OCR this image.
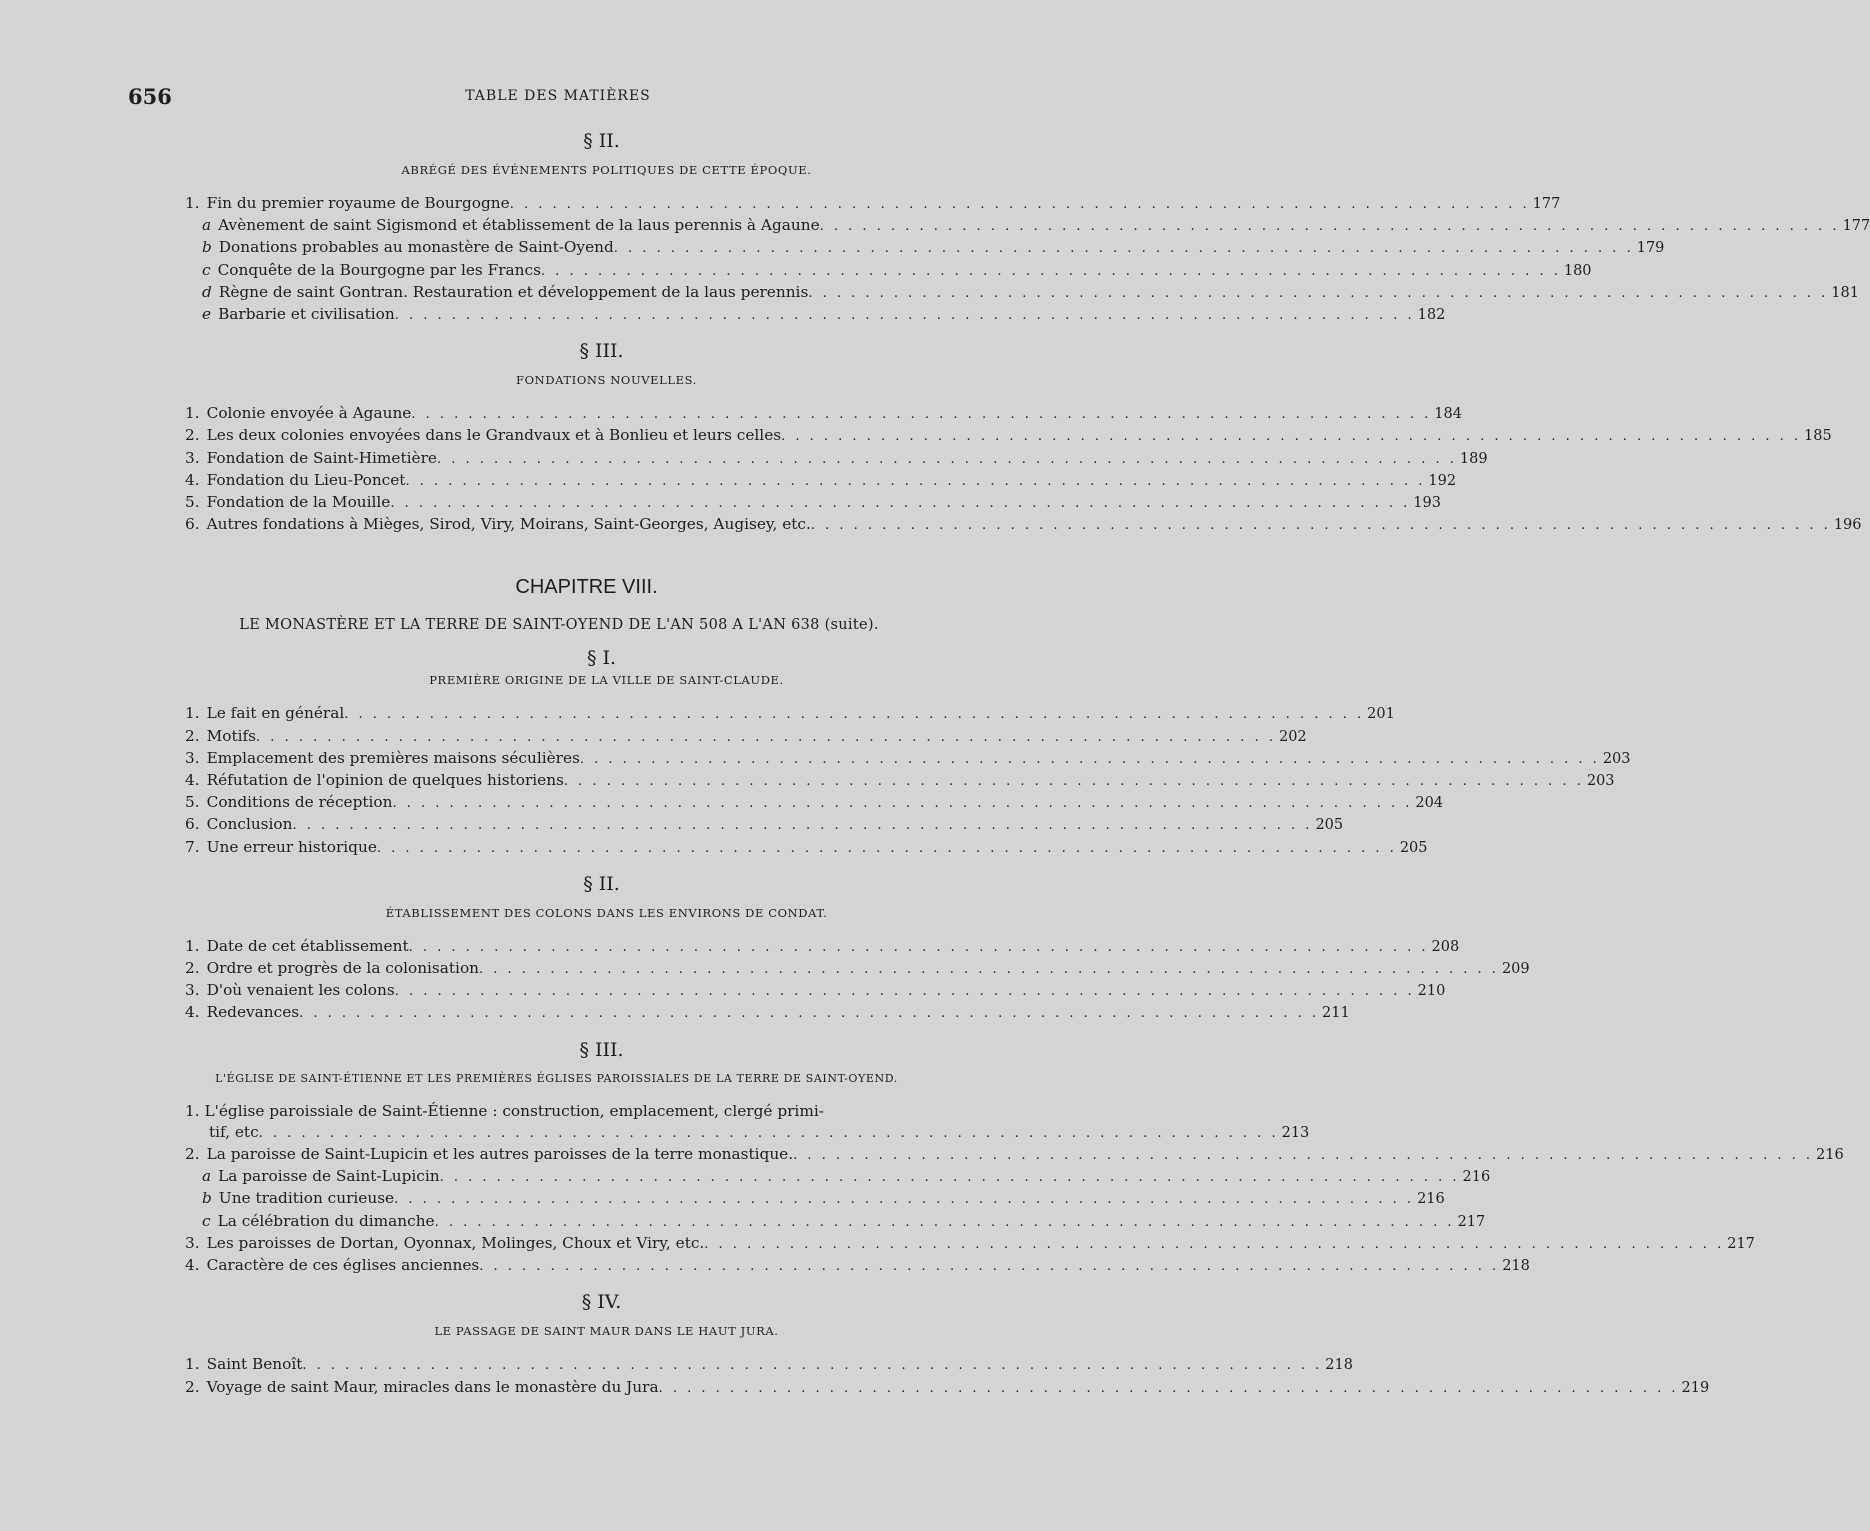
656	TABLE DES MATIÈRES
§ II.
ABRÉGÉ DES ÉVÉNEMENTS POLITIQUES DE CETTE ÉPOQUE.
1. Fin du premier royaume de Bourgogne . . .	177
a Avènement de saint Sigismond et établissement de la laus perennis à Agaune . . .	177
b Donations probables au monastère de Saint-Oyend . . .	179
c Conquête de la Bourgogne par les Francs . . .	180
d Règne de saint Gontran. Restauration et développement de la laus perennis . . .	181
e Barbarie et civilisation . . .	182
§ III.
FONDATIONS NOUVELLES.
1. Colonie envoyée à Agaune . . .	184
2. Les deux colonies envoyées dans le Grandvaux et à Bonlieu et leurs celles . . .	185
3. Fondation de Saint-Himetière . . .	189
4. Fondation du Lieu-Poncet . . .	192
5. Fondation de la Mouille . . .	193
6. Autres fondations à Mièges, Sirod, Viry, Moirans, Saint-Georges, Augisey, etc. . . .	196
CHAPITRE VIII.
LE MONASTÈRE ET LA TERRE DE SAINT-OYEND DE L'AN 508 A L'AN 638 (suite).
§ I.
PREMIÈRE ORIGINE DE LA VILLE DE SAINT-CLAUDE.
1. Le fait en général . . .	201
2. Motifs . . .	202
3. Emplacement des premières maisons séculières . . .	203
4. Réfutation de l'opinion de quelques historiens . . .	203
5. Conditions de réception . . .	204
6. Conclusion . . .	205
7. Une erreur historique . . .	205
§ II.
ÉTABLISSEMENT DES COLONS DANS LES ENVIRONS DE CONDAT.
1. Date de cet établissement . . .	208
2. Ordre et progrès de la colonisation . . .	209
3. D'où venaient les colons . . .	210
4. Redevances . . .	211
§ III.
L'ÉGLISE DE SAINT-ÉTIENNE ET LES PREMIÈRES ÉGLISES PAROISSIALES DE LA TERRE DE SAINT-OYEND.
1. L'église paroissiale de Saint-Étienne : construction, emplacement, clergé primi-
tif, etc . . .	213
2. La paroisse de Saint-Lupicin et les autres paroisses de la terre monastique. . . .	216
a La paroisse de Saint-Lupicin . . .	216
b Une tradition curieuse . . .	216
c La célébration du dimanche . . .	217
3. Les paroisses de Dortan, Oyonnax, Molinges, Choux et Viry, etc. . . .	217
4. Caractère de ces églises anciennes . . .	218
§ IV.
LE PASSAGE DE SAINT MAUR DANS LE HAUT JURA.
1. Saint Benoît . . .	218
2. Voyage de saint Maur, miracles dans le monastère du Jura . . .	219
